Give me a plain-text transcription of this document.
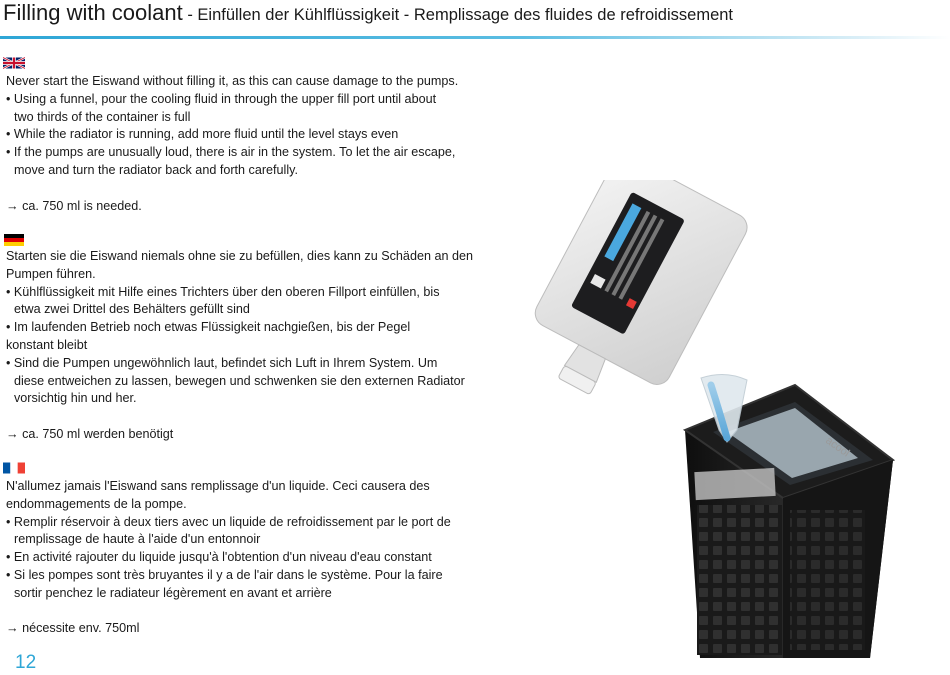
Filling with coolant - Einfüllen der Kühlflüssigkeit - Remplissage des fluides de refroidissement

Never start the Eiswand without filling it, as this can cause damage to the pumps.

• Using a funnel, pour the cooling fluid in through the upper fill port until about

two thirds of the container is full

• While the radiator is running, add more fluid until the level stays even

• If the pumps are unusually loud, there is air in the system. To let the air escape,

move and turn the radiator back and forth carefully.

→ ca. 750 ml is needed.

Starten sie die Eiswand niemals ohne sie zu befüllen, dies kann zu Schäden an den

Pumpen führen.

• Kühlflüssigkeit mit Hilfe eines Trichters über den oberen Fillport einfüllen, bis

etwa zwei Drittel des Behälters gefüllt sind

• Im laufenden Betrieb noch etwas Flüssigkeit nachgießen, bis der Pegel

konstant bleibt

• Sind die Pumpen ungewöhnlich laut, befindet sich Luft in Ihrem System. Um

diese entweichen zu lassen, bewegen und schwenken sie den externen Radiator

vorsichtig hin und her.

→ ca. 750 ml werden benötigt

N'allumez jamais l'Eiswand sans remplissage d'un liquide. Ceci causera des

endommagements de la pompe.

• Remplir réservoir à deux tiers avec un liquide de refroidissement par le port de

remplissage de haute à l'aide d'un entonnoir

• En activité rajouter du liquide jusqu'à l'obtention d'un niveau d'eau constant

• Si les pompes sont très bruyantes il y a de l'air dans le système. Pour la faire

sortir penchez le radiateur légèrement en avant et arrière

→ nécessite env. 750ml

acool
12
